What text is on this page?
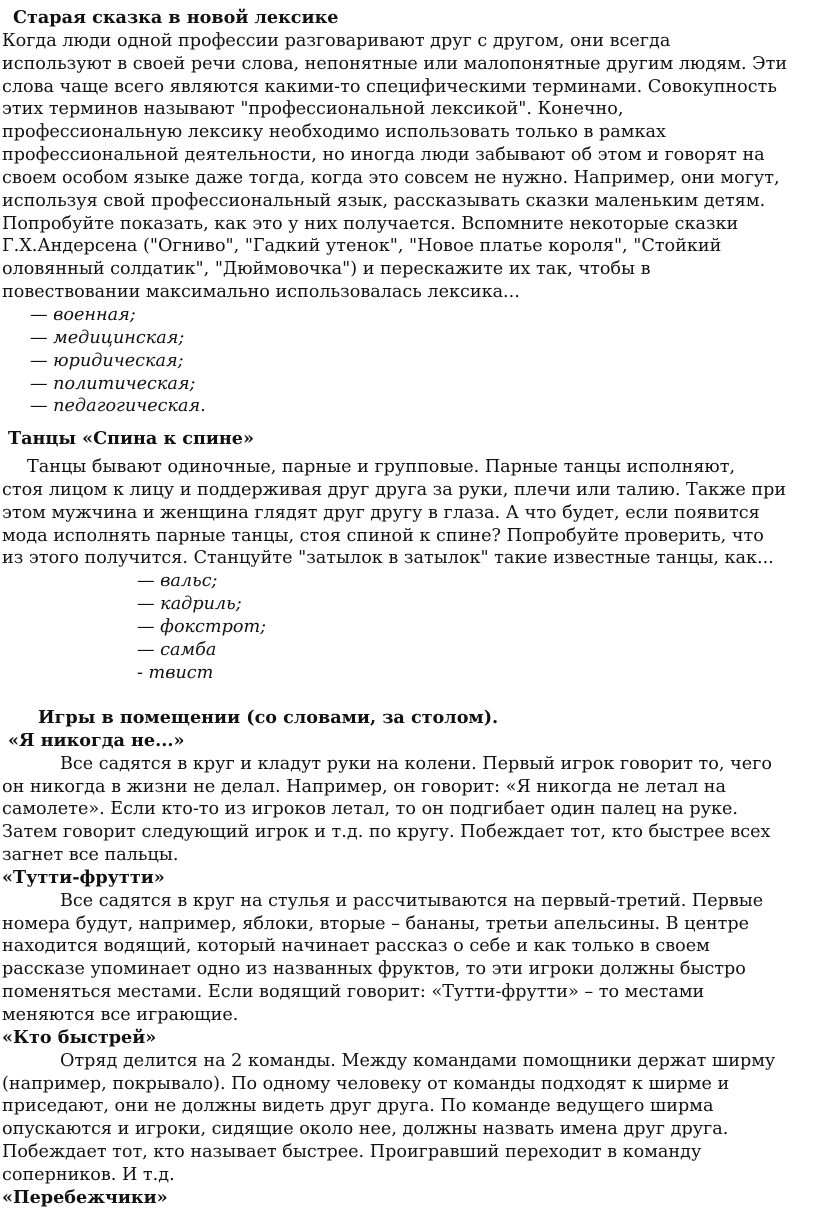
Старая сказка в новой лексике
Когда люди одной профессии разговаривают друг с другом, они всегда
используют в своей речи слова, непонятные или малопонятные другим людям. Эти
слова чаще всего являются какими-то специфическими терминами. Совокупность
этих терминов называют "профессиональной лексикой". Конечно,
профессиональную лексику необходимо использовать только в рамках
профессиональной деятельности, но иногда люди забывают об этом и говорят на
своем особом языке даже тогда, когда это совсем не нужно. Например, они могут,
используя свой профессиональный язык, рассказывать сказки маленьким детям.
Попробуйте показать, как это у них получается. Вспомните некоторые сказки
Г.Х.Андерсена ("Огниво", "Гадкий утенок", "Новое платье короля", "Стойкий
оловянный солдатик", "Дюймовочка") и перескажите их так, чтобы в
повествовании максимально использовалась лексика...
— военная;
— медицинская;
— юридическая;
— политическая;
— педагогическая.
Танцы «Спина к спине»
Танцы бывают одиночные, парные и групповые. Парные танцы исполняют,
стоя лицом к лицу и поддерживая друг друга за руки, плечи или талию. Также при
этом мужчина и женщина глядят друг другу в глаза. А что будет, если появится
мода исполнять парные танцы, стоя спиной к спине? Попробуйте проверить, что
из этого получится. Станцуйте "затылок в затылок" такие известные танцы, как...
— вальс;
— кадриль;
— фокстрот;
— самба
- твист
Игры в помещении (со словами, за столом).
«Я никогда не...»
Все садятся в круг и кладут руки на колени. Первый игрок говорит то, чего
он никогда в жизни не делал. Например, он говорит: «Я никогда не летал на
самолете». Если кто-то из игроков летал, то он подгибает один палец на руке.
Затем говорит следующий игрок и т.д. по кругу. Побеждает тот, кто быстрее всех
загнет все пальцы.
«Тутти-фрутти»
Все садятся в круг на стулья и рассчитываются на первый-третий. Первые
номера будут, например, яблоки, вторые – бананы, третьи апельсины. В центре
находится водящий, который начинает рассказ о себе и как только в своем
рассказе упоминает одно из названных фруктов, то эти игроки должны быстро
поменяться местами. Если водящий говорит: «Тутти-фрутти» – то местами
меняются все играющие.
«Кто быстрей»
Отряд делится на 2 команды. Между командами помощники держат ширму
(например, покрывало). По одному человеку от команды подходят к ширме и
приседают, они не должны видеть друг друга. По команде ведущего ширма
опускаются и игроки, сидящие около нее, должны назвать имена друг друга.
Побеждает тот, кто называет быстрее. Проигравший переходит в команду
соперников. И т.д.
«Перебежчики»
